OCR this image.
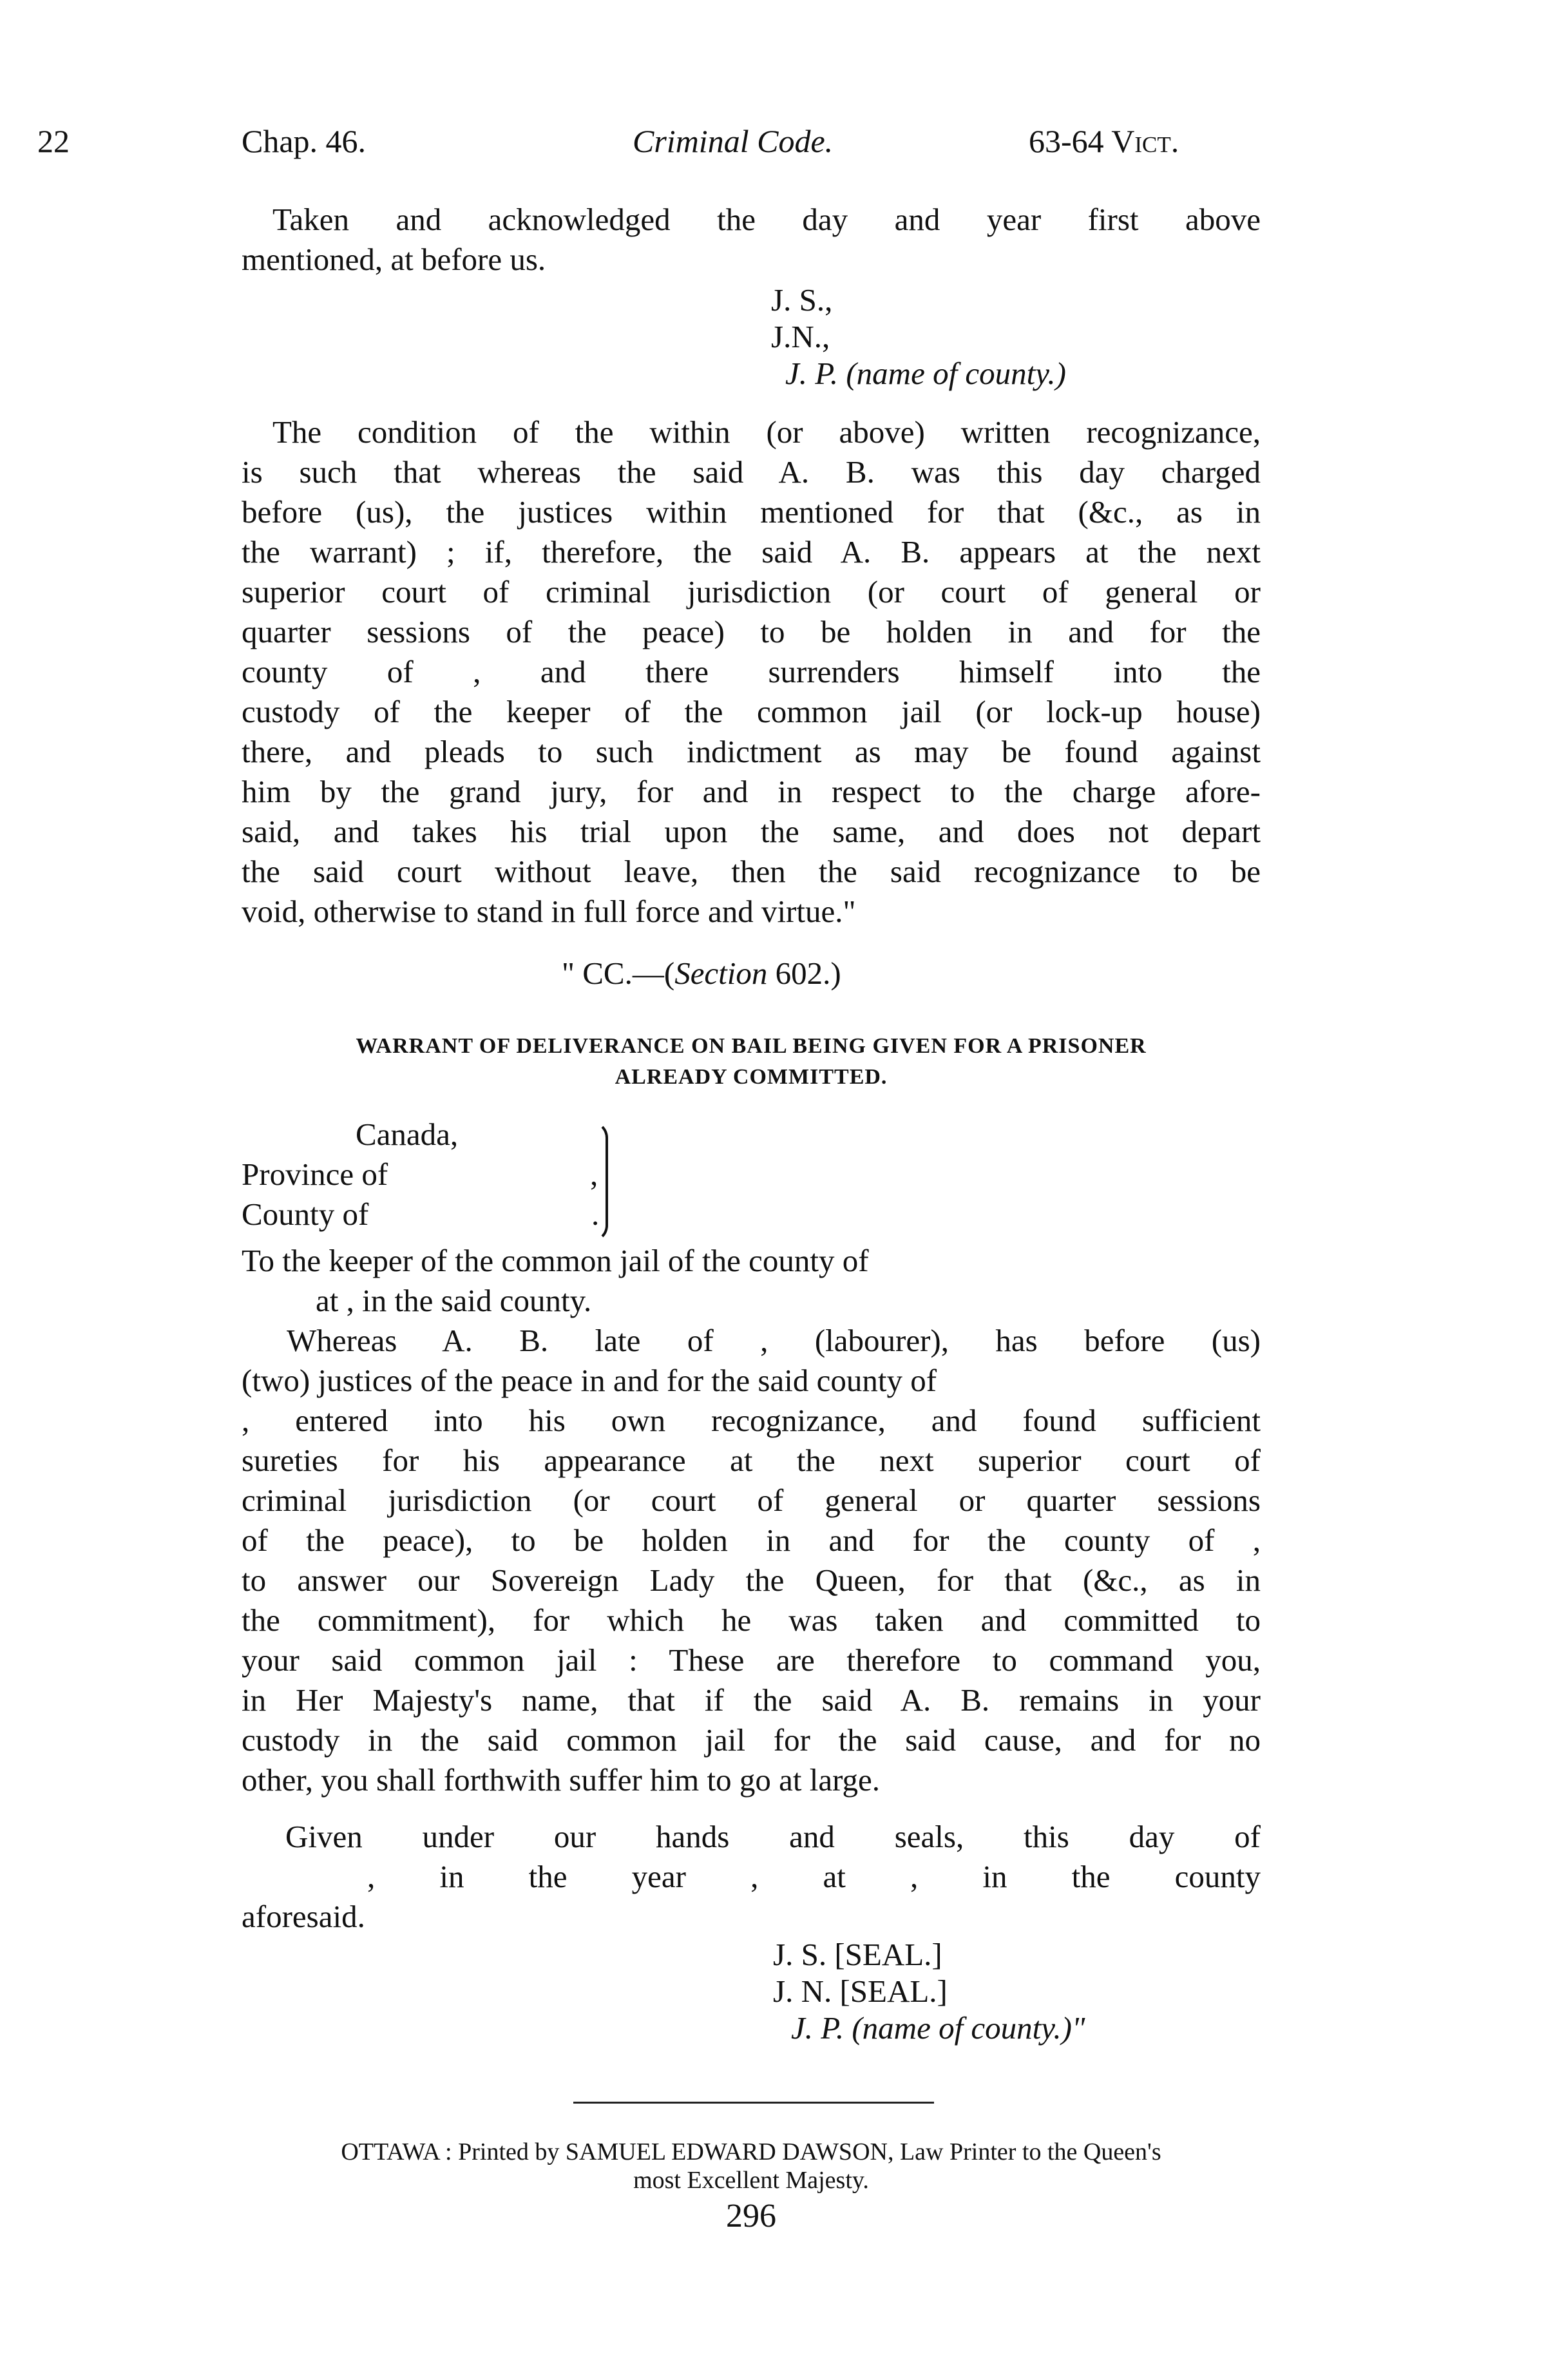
22	Chap. 46.	Criminal Code.	63-64 Vict.
Taken and acknowledged the day and year first above
mentioned, at before us.
J. S.,
J.N.,
J. P. (name of county.)
The condition of the within (or above) written recognizance,
is such that whereas the said A. B. was this day charged
before (us), the justices within mentioned for that (&c., as in
the warrant) ; if, therefore, the said A. B. appears at the next
superior court of criminal jurisdiction (or court of general or
quarter sessions of the peace) to be holden in and for the
county of , and there surrenders himself into the
custody of the keeper of the common jail (or lock-up house)
there, and pleads to such indictment as may be found against
him by the grand jury, for and in respect to the charge afore-
said, and takes his trial upon the same, and does not depart
the said court without leave, then the said recognizance to be
void, otherwise to stand in full force and virtue."
" CC.—(Section 602.)
WARRANT OF DELIVERANCE ON BAIL BEING GIVEN FOR A PRISONER
ALREADY COMMITTED.
Canada,
Province of
County of
,
.
To the keeper of the common jail of the county of
at , in the said county.
Whereas A. B. late of , (labourer), has before (us)
(two) justices of the peace in and for the said county of
, entered into his own recognizance, and found sufficient
sureties for his appearance at the next superior court of
criminal jurisdiction (or court of general or quarter sessions
of the peace), to be holden in and for the county of ,
to answer our Sovereign Lady the Queen, for that (&c., as in
the commitment), for which he was taken and committed to
your said common jail : These are therefore to command you,
in Her Majesty's name, that if the said A. B. remains in your
custody in the said common jail for the said cause, and for no
other, you shall forthwith suffer him to go at large.
Given under our hands and seals, this day of
, in the year , at , in the county
aforesaid.
J. S. [SEAL.]
J. N. [SEAL.]
J. P. (name of county.)"
OTTAWA : Printed by SAMUEL EDWARD DAWSON, Law Printer to the Queen's
most Excellent Majesty.
296
